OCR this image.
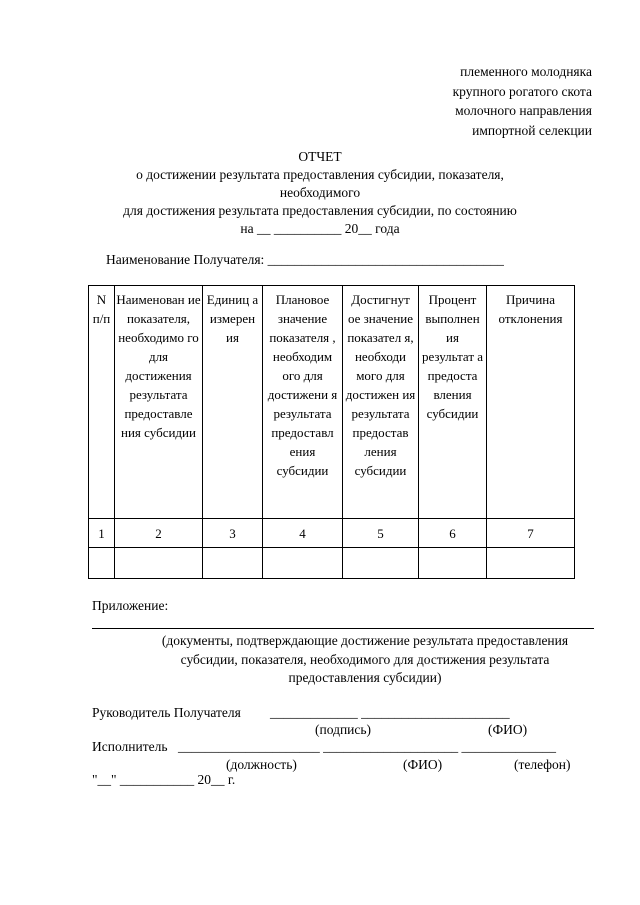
племенного молодняка
крупного рогатого скота
молочного направления
импортной селекции
ОТЧЕТ
о достижении результата предоставления субсидии, показателя,
необходимого
для достижения результата предоставления субсидии, по состоянию
на __ __________ 20__ года
Наименование Получателя: ___________________________________
N п/п	Наименован ие показателя, необходимо го для достижения результата предоставле ния субсидии	Единиц а измерен ия	Плановое значение показателя , необходим ого для достижени я результата предоставл ения субсидии	Достигнут ое значение показател я, необходи мого для достижен ия результата предостав ления субсидии	Процент выполнен ия результат а предоста вления субсидии	Причина отклонения
1	2	3	4	5	6	7

Приложение:
(документы, подтверждающие достижение результата предоставления
субсидии, показателя, необходимого для достижения результата
предоставления субсидии)
Руководитель Получателя _____________ ______________________
(подпись)	(ФИО)
Исполнитель _____________________ ____________________ ______________
(должность)	(ФИО)	(телефон)
"__" ___________ 20__ г.
